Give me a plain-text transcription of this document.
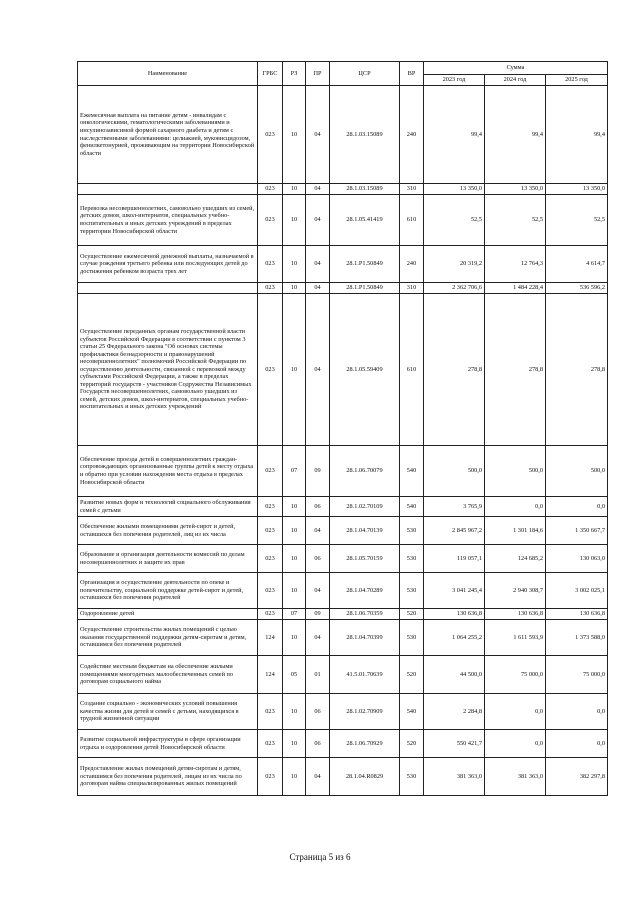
Наименование	ГРБС	РЗ	ПР	ЦСР	ВР	Сумма		
						2023 год	2024 год	2025 год
Ежемесячная выплата на питание детям - инвалидам с онкологическими, гематологическими заболеваниями и инсулинозависимой формой сахарного диабета и детям с наследственными заболеваниями: целиакией, муковисцидозом, фенилкетонурией, проживающим на территории Новосибирской области	023	10	04	28.1.03.15089	240	99,4	99,4	99,4
	023	10	04	28.1.03.15089	310	13 350,0	13 350,0	13 350,0
Перевозка несовершеннолетних, самовольно ушедших из семей, детских домов, школ-интернатов, специальных учебно-воспитательных и иных детских учреждений в пределах территории Новосибирской области	023	10	04	28.1.05.41419	610	52,5	52,5	52,5
Осуществление ежемесячной денежной выплаты, назначаемой в случае рождения третьего ребенка или последующих детей до достижения ребенком возраста трех лет	023	10	04	28.1.P1.50849	240	20 319,2	12 764,3	4 614,7
	023	10	04	28.1.P1.50849	310	2 362 706,6	1 484 228,4	536 596,2
Осуществление переданных органам государственной власти субъектов Российской Федерации в соответствии с пунктом 3 статьи 25 Федерального закона "Об основах системы профилактики безнадзорности и правонарушений несовершеннолетних" полномочий Российской Федерации по осуществлению деятельности, связанной с перевозкой между субъектами Российской Федерации, а также в пределах территорий государств - участников Содружества Независимых Государств несовершеннолетних, самовольно ушедших из семей, детских домов, школ-интернатов, специальных учебно-воспитательных и иных детских учреждений	023	10	04	28.1.05.59409	610	278,8	278,8	278,8
Обеспечение проезда детей и совершеннолетних граждан-сопровождающих организованные группы детей к месту отдыха и обратно при условии нахождения места отдыха в пределах Новосибирской области	023	07	09	28.1.06.70079	540	500,0	500,0	500,0
Развитие новых форм и технологий социального обслуживания семей с детьми	023	10	06	28.1.02.70109	540	3 765,9	0,0	0,0
Обеспечение жилыми помещениями детей-сирот и детей, оставшихся без попечения родителей, лиц из их числа	023	10	04	28.1.04.70139	530	2 845 967,2	1 301 184,6	1 350 667,7
Образование и организация деятельности комиссий по делам несовершеннолетних и защите их прав	023	10	06	28.1.05.70159	530	119 057,1	124 685,2	130 063,0
Организация и осуществление деятельности по опеке и попечительству, социальной поддержке детей-сирот и детей, оставшихся без попечения родителей	023	10	04	28.1.04.70289	530	3 041 245,4	2 940 308,7	3 002 025,1
Оздоровление детей	023	07	09	28.1.06.70359	520	130 636,8	130 636,8	130 636,8
Осуществление строительства жилых помещений с целью оказания государственной поддержки детям-сиротам и детям, оставшимся без попечения родителей	124	10	04	28.1.04.70399	530	1 064 255,2	1 611 593,9	1 373 588,0
Содействие местным бюджетам на обеспечение жилыми помещениями многодетных малообеспеченных семей по договорам социального найма	124	05	01	41.5.01.70639	520	44 500,0	75 000,0	75 000,0
Создание социально - экономических условий повышения качества жизни для детей и семей с детьми, находящихся в трудной жизненной ситуации	023	10	06	28.1.02.70909	540	2 284,8	0,0	0,0
Развитие социальной инфраструктуры в сфере организации отдыха и оздоровления детей Новосибирской области	023	10	06	28.1.06.70929	520	550 421,7	0,0	0,0
Предоставление жилых помещений детям-сиротам и детям, оставшимся без попечения родителей, лицам из их числа по договорам найма специализированных жилых помещений	023	10	04	28.1.04.R0829	530	381 363,0	381 363,0	382 297,8
Страница 5 из 6
